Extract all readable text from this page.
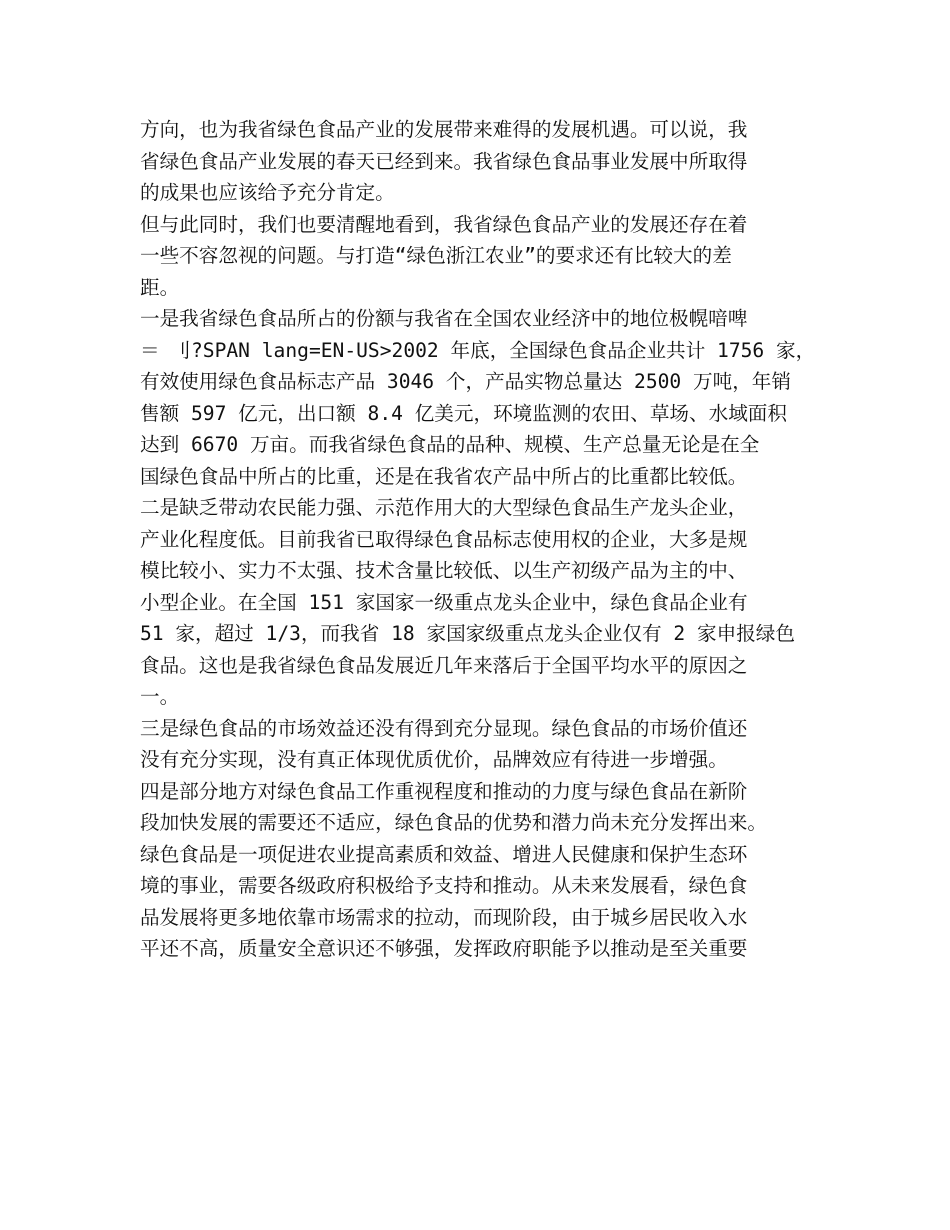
方向，也为我省绿色食品产业的发展带来难得的发展机遇。可以说，我
省绿色食品产业发展的春天已经到来。我省绿色食品事业发展中所取得
的成果也应该给予充分肯定。
但与此同时，我们也要清醒地看到，我省绿色食品产业的发展还存在着
一些不容忽视的问题。与打造“绿色浙江农业”的要求还有比较大的差
距。
一是我省绿色食品所占的份额与我省在全国农业经济中的地位极幌喑啤
＝ 刂?SPAN lang=EN-US>2002 年底，全国绿色食品企业共计 1756 家，
有效使用绿色食品标志产品 3046 个，产品实物总量达 2500 万吨，年销
售额 597 亿元，出口额 8.4 亿美元，环境监测的农田、草场、水域面积
达到 6670 万亩。而我省绿色食品的品种、规模、生产总量无论是在全
国绿色食品中所占的比重，还是在我省农产品中所占的比重都比较低。
二是缺乏带动农民能力强、示范作用大的大型绿色食品生产龙头企业，
产业化程度低。目前我省已取得绿色食品标志使用权的企业，大多是规
模比较小、实力不太强、技术含量比较低、以生产初级产品为主的中、
小型企业。在全国 151 家国家一级重点龙头企业中，绿色食品企业有
51 家，超过 1/3，而我省 18 家国家级重点龙头企业仅有 2 家申报绿色
食品。这也是我省绿色食品发展近几年来落后于全国平均水平的原因之
一。
三是绿色食品的市场效益还没有得到充分显现。绿色食品的市场价值还
没有充分实现，没有真正体现优质优价，品牌效应有待进一步增强。
四是部分地方对绿色食品工作重视程度和推动的力度与绿色食品在新阶
段加快发展的需要还不适应，绿色食品的优势和潜力尚未充分发挥出来。
绿色食品是一项促进农业提高素质和效益、增进人民健康和保护生态环
境的事业，需要各级政府积极给予支持和推动。从未来发展看，绿色食
品发展将更多地依靠市场需求的拉动，而现阶段，由于城乡居民收入水
平还不高，质量安全意识还不够强，发挥政府职能予以推动是至关重要
